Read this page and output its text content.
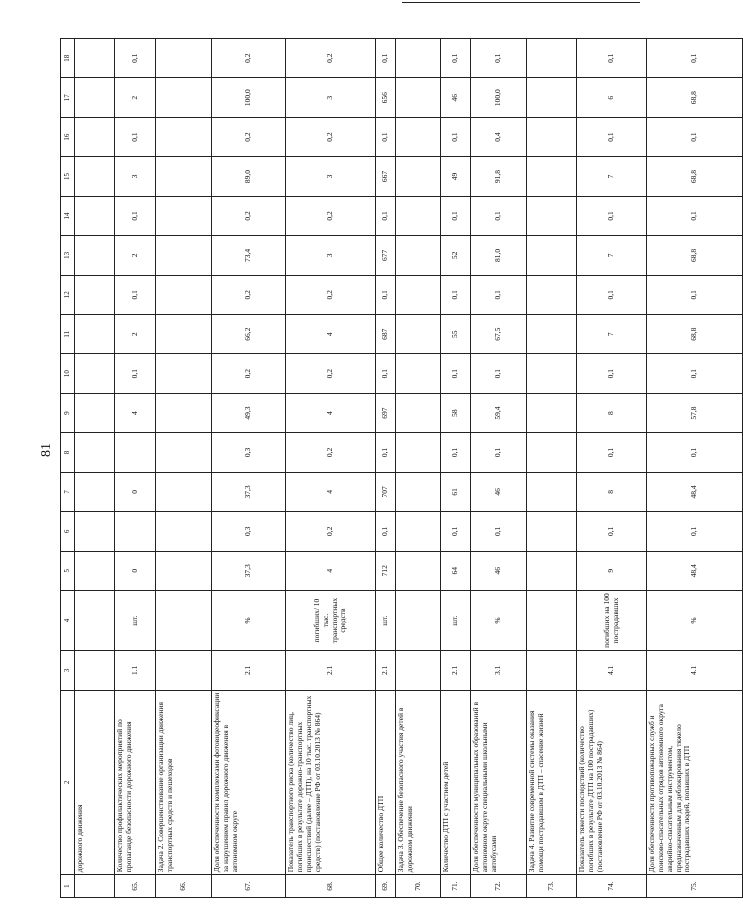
81
1	2	3	4	5	6	7	8	9	10	11	12	13	14	15	16	17	18
	дорожного движения																
65.	Количество профилактических мероприятий по пропаганде безопасности дорожного движения	1.1	шт.	0		0		4	0,1	2	0,1	2	0,1	3	0,1	2	0,1
66.	Задача 2. Совершенствование организации движения транспортных средств и пешеходов																
67.	Доля обеспеченности комплексами фотовидеофиксации за нарушением правил дорожного движения в автономном округе	2.1	%	37,3	0,3	37,3	0,3	49,3	0,2	66,2	0,2	73,4	0,2	89,0	0,2	100,0	0,2
68.	Показатель транспортного риска (количество лиц, погибших в результате дорожно-транспортных происшествий (далее – ДТП), на 10 тыс. транспортных средств) (постановление РФ от 03.10.2013 № 864)	2.1	погибших/ 10 тыс. транспортных средств	4	0,2	4	0,2	4	0,2	4	0,2	3	0,2	3	0,2	3	0,2
69.	Общее количество ДТП	2.1	шт.	712	0,1	707	0,1	697	0,1	687	0,1	677	0,1	667	0,1	656	0,1
70.	Задача 3. Обеспечение безопасного участия детей в дорожном движении																
71.	Количество ДТП с участием детей	2.1	шт.	64	0,1	61	0,1	58	0,1	55	0,1	52	0,1	49	0,1	46	0,1
72.	Доля обеспеченности муниципальных образований в автономном округе специальными школьными автобусами	3.1	%	46	0,1	46	0,1	59,4	0,1	67,5	0,1	81,0	0,1	91,8	0,4	100,0	0,1
73.	Задача 4. Развитие современной системы оказания помощи пострадавшим в ДТП – спасение жизней																
74.	Показатель тяжести последствий (количество погибших в результате ДТП на 100 пострадавших) (постановление РФ от 03.10.2013 № 864)	4.1	погибших на 100 пострадавших	9	0,1	8	0,1	8	0,1	7	0,1	7	0,1	7	0,1	6	0,1
75.	Доля обеспеченности противопожарных служб и поисково-спасательных отрядов автономного округа аварийно-спасательным инструментом, предназначенным для деблокирования тяжело пострадавших людей, попавших в ДТП	4.1	%	48,4	0,1	48,4	0,1	57,8	0,1	68,8	0,1	68,8	0,1	68,8	0,1	68,8	0,1
